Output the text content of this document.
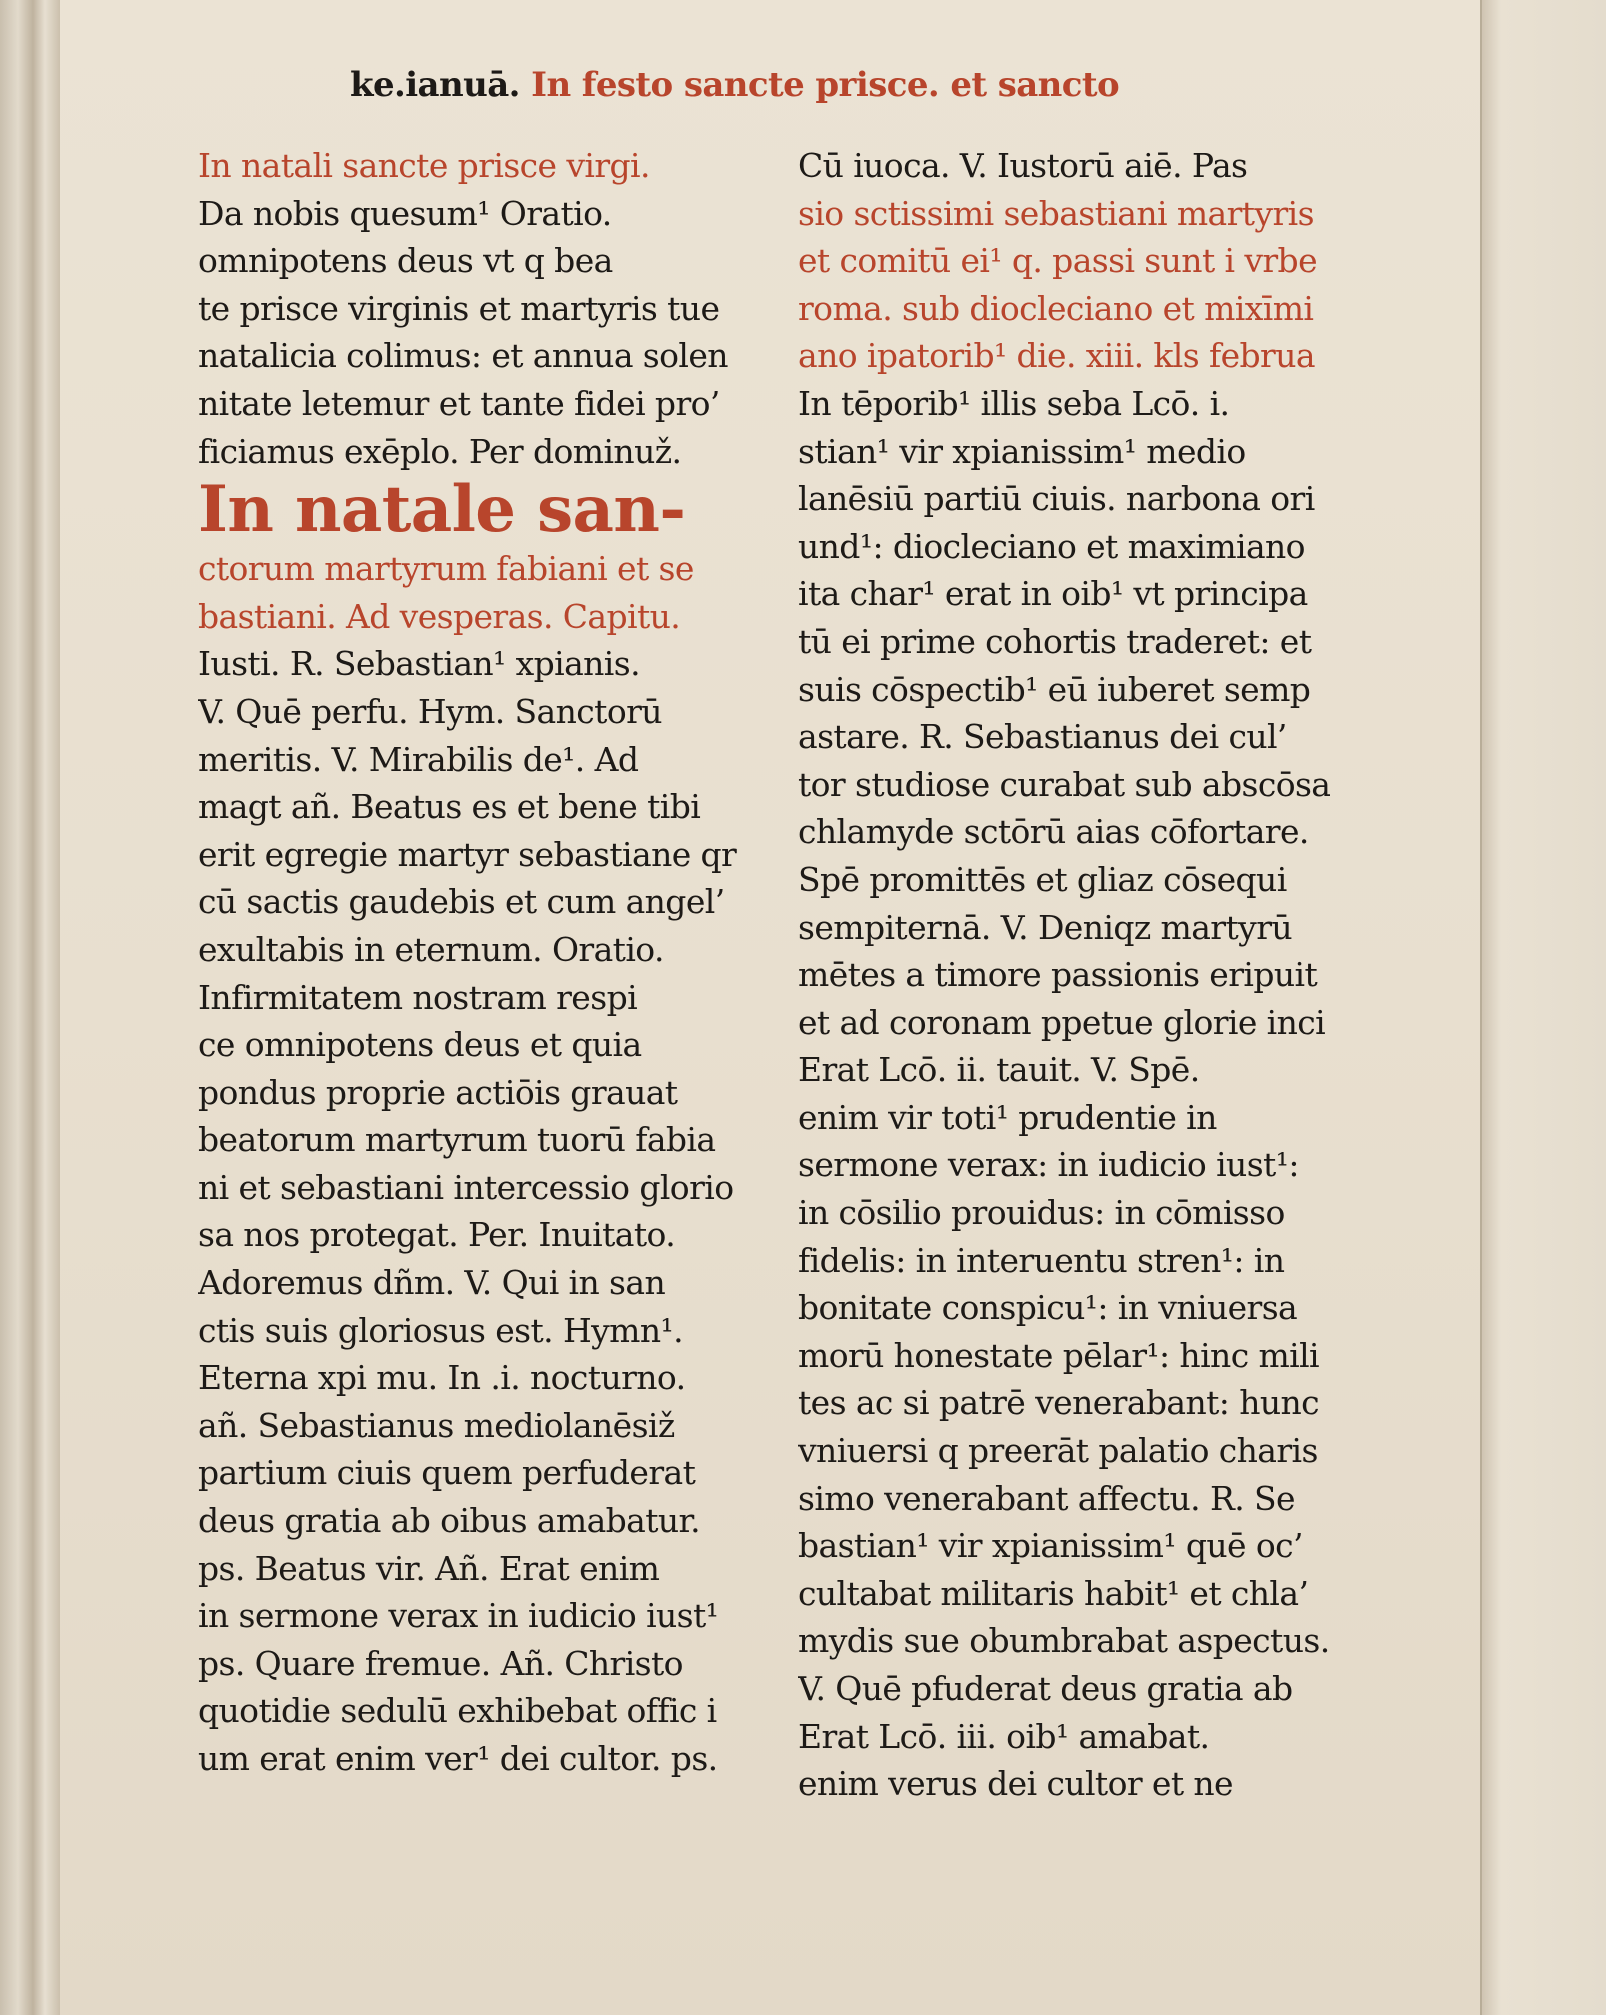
ke.ianuā. In festo sancte prisce. et sancto
In natali sancte prisce virgi.
Da nobis quesum¹ Oratio.
omnipotens deus vt q bea
te prisce virginis et martyris tue
natalicia colimus: et annua solen
nitate letemur et tante fidei pro’
ficiamus exēplo. Per dominuž.
In natale san‑
ctorum martyrum fabiani et se
bastiani. Ad vesperas. Capitu.
Iusti. R. Sebastian¹ xpianis.
V. Quē perfu. Hym. Sanctorū
meritis. V. Mirabilis de¹. Ad
magt añ. Beatus es et bene tibi
erit egregie martyr sebastiane qr
cū sactis gaudebis et cum angel’
exultabis in eternum. Oratio.
Infirmitatem nostram respi
ce omnipotens deus et quia
pondus proprie actiōis grauat
beatorum martyrum tuorū fabia
ni et sebastiani intercessio glorio
sa nos protegat. Per. Inuitato.
Adoremus dñm. V. Qui in san
ctis suis gloriosus est. Hymn¹.
Eterna xpi mu. In .i. nocturno.
añ. Sebastianus mediolanēsiž
partium ciuis quem perfuderat
deus gratia ab oibus amabatur.
ps. Beatus vir. Añ. Erat enim
in sermone verax in iudicio iust¹
ps. Quare fremue. Añ. Christo
quotidie sedulū exhibebat offic i
um erat enim ver¹ dei cultor. ps.
Cū iuoca. V. Iustorū aiē. Pas
sio sctissimi sebastiani martyris
et comitū ei¹ q. passi sunt i vrbe
roma. sub diocleciano et mixīmi
ano ipatorib¹ die. xiii. kls februa
In tēporib¹ illis seba Lcō. i.
stian¹ vir xpianissim¹ medio
lanēsiū partiū ciuis. narbona ori
und¹: diocleciano et maximiano
ita char¹ erat in oib¹ vt principa
tū ei prime cohortis traderet: et
suis cōspectib¹ eū iuberet semp
astare. R. Sebastianus dei cul’
tor studiose curabat sub abscōsa
chlamyde sctōrū aias cōfortare.
Spē promittēs et gliaz cōsequi
sempiternā. V. Deniqz martyrū
mētes a timore passionis eripuit
et ad coronam ppetue glorie inci
Erat Lcō. ii. tauit. V. Spē.
enim vir toti¹ prudentie in
sermone verax: in iudicio iust¹:
in cōsilio prouidus: in cōmisso
fidelis: in interuentu stren¹: in
bonitate conspicu¹: in vniuersa
morū honestate pēlar¹: hinc mili
tes ac si patrē venerabant: hunc
vniuersi q preerāt palatio charis
simo venerabant affectu. R. Se
bastian¹ vir xpianissim¹ quē oc’
cultabat militaris habit¹ et chla’
mydis sue obumbrabat aspectus.
V. Quē pfuderat deus gratia ab
Erat Lcō. iii. oib¹ amabat.
enim verus dei cultor et ne
